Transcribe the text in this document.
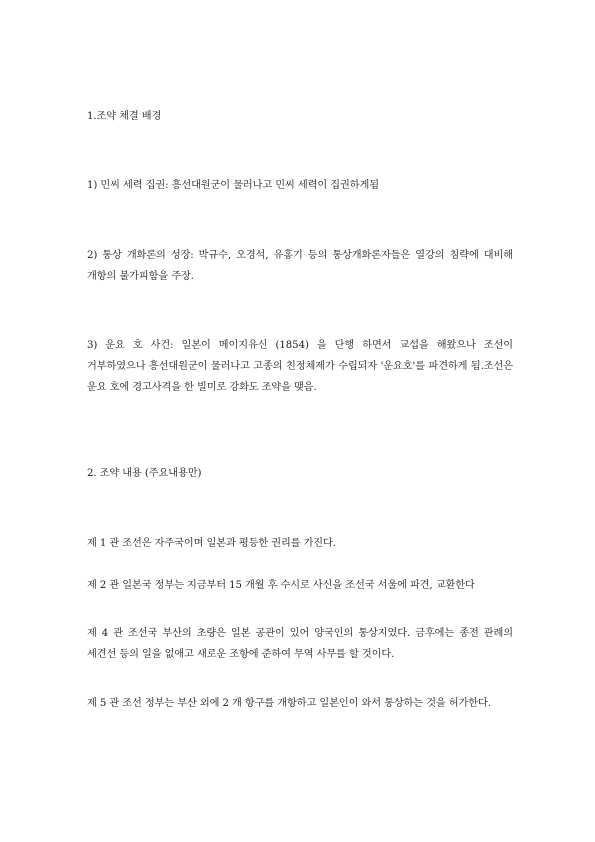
1.조약 체결 배경

1) 민씨 세력 집권: 흥선대원군이 물러나고 민씨 세력이 집권하게됨

2) 통상 개화론의 성장: 박규수, 오경석, 유홍기 등의 통상개화론자들은 열강의 침략에 대비해 개항의 불가피함을 주장.

3) 운요 호 사건: 일본이 메이지유신 (1854) 을 단행 하면서 교섭을 해왔으나 조선이 거부하였으나 흥선대원군이 물러나고 고종의 친정체제가 수립되자 '운요호'를 파견하게 됨.조선은 운요 호에 경고사격을 한 빌미로 강화도 조약을 맺음.

2. 조약 내용 (주요내용만)

제 1 관 조선은 자주국이며 일본과 평등한 권리를 가진다.

제 2 관 일본국 정부는 지금부터 15 개월 후 수시로 사신을 조선국 서울에 파견, 교환한다

제 4 관 조선국 부산의 초량은 일본 공관이 있어 양국인의 통상지였다. 금후에는 종전 관례의 세견선 등의 일을 없애고 새로운 조항에 준하여 무역 사무를 할 것이다.

제 5 관 조선 정부는 부산 외에 2 개 항구를 개항하고 일본인이 와서 통상하는 것을 허가한다.
